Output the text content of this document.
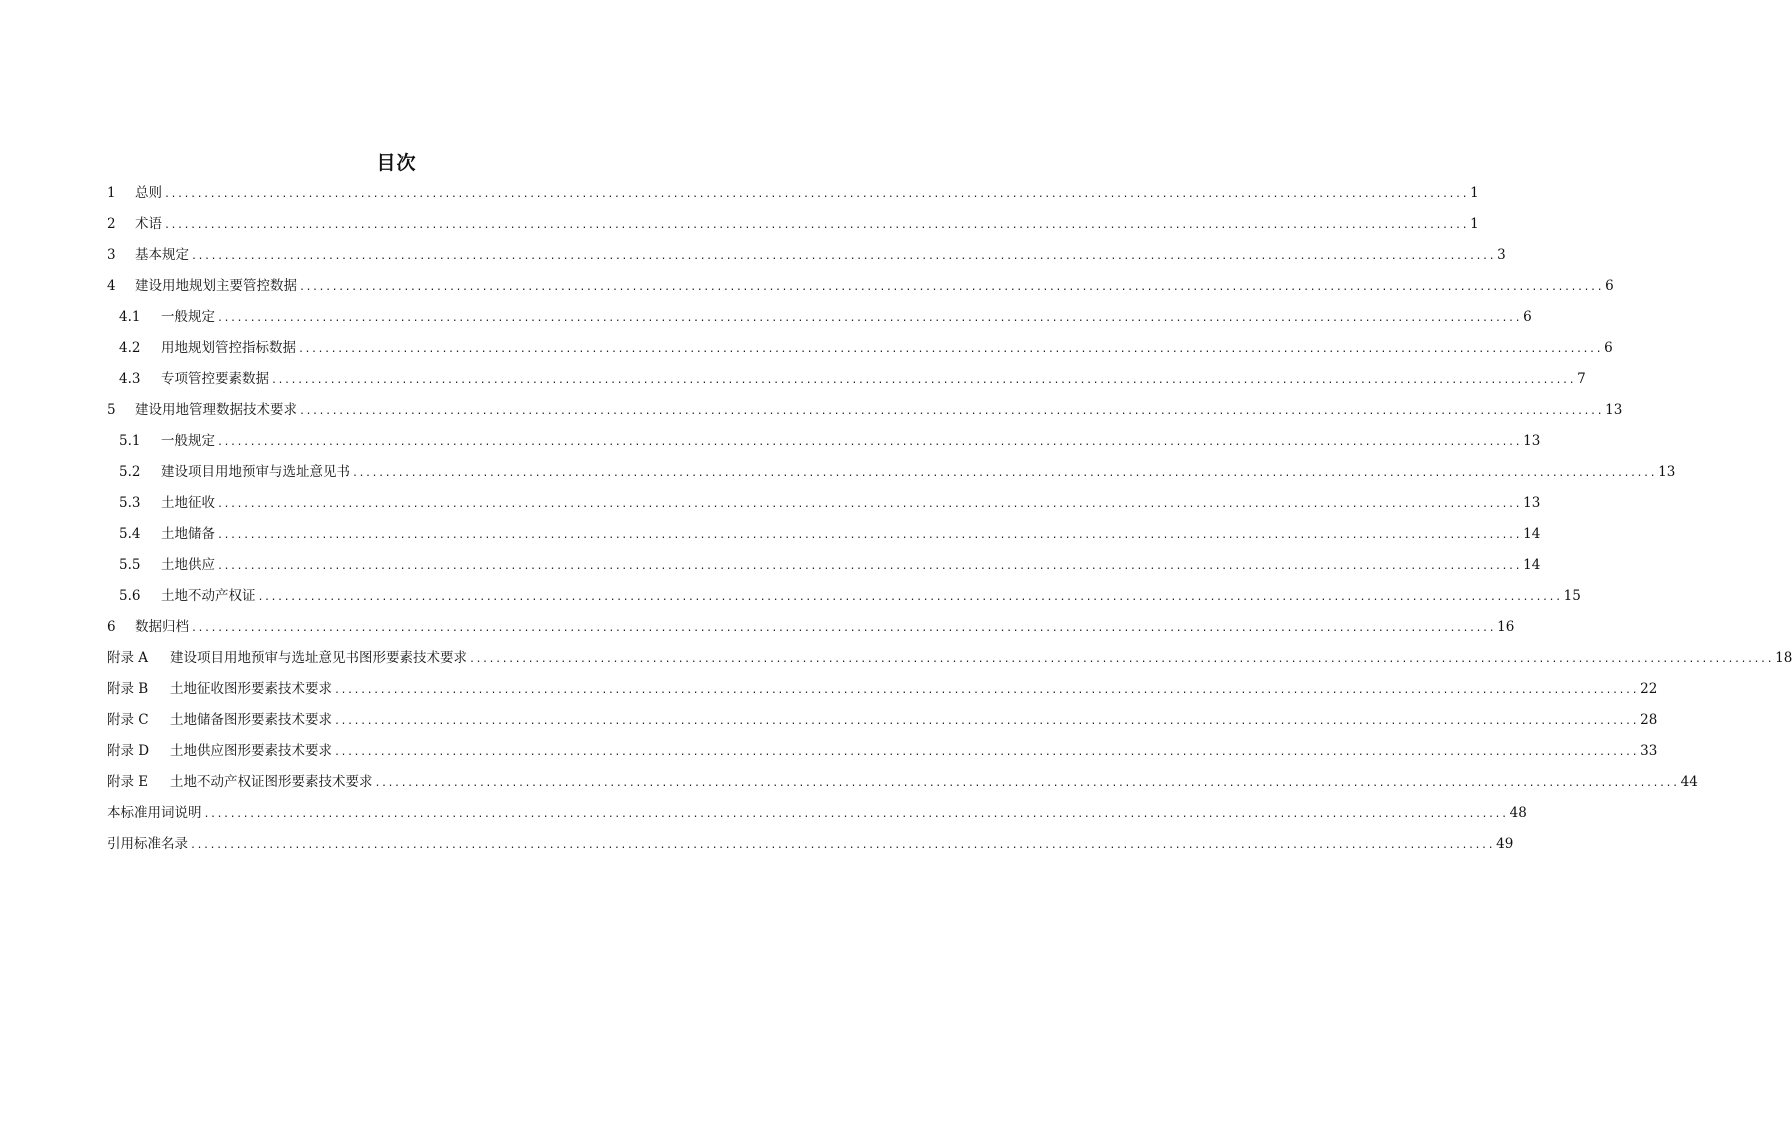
目次
1	总则 ........................................................................................................................................................................................................ 1
2	术语 ........................................................................................................................................................................................................ 1
3	基本规定 ........................................................................................................................................................................................................ 3
4	建设用地规划主要管控数据 ........................................................................................................................................................................................................ 6
4.1	一般规定 ........................................................................................................................................................................................................ 6
4.2	用地规划管控指标数据 ........................................................................................................................................................................................................ 6
4.3	专项管控要素数据 ........................................................................................................................................................................................................ 7
5	建设用地管理数据技术要求 ........................................................................................................................................................................................................ 13
5.1	一般规定 ........................................................................................................................................................................................................ 13
5.2	建设项目用地预审与选址意见书 ........................................................................................................................................................................................................ 13
5.3	土地征收 ........................................................................................................................................................................................................ 13
5.4	土地储备 ........................................................................................................................................................................................................ 14
5.5	土地供应 ........................................................................................................................................................................................................ 14
5.6	土地不动产权证 ........................................................................................................................................................................................................ 15
6	数据归档 ........................................................................................................................................................................................................ 16
附录 A	建设项目用地预审与选址意见书图形要素技术要求 ........................................................................................................................................................................................................ 18
附录 B	土地征收图形要素技术要求 ........................................................................................................................................................................................................ 22
附录 C	土地储备图形要素技术要求 ........................................................................................................................................................................................................ 28
附录 D	土地供应图形要素技术要求 ........................................................................................................................................................................................................ 33
附录 E	土地不动产权证图形要素技术要求 ........................................................................................................................................................................................................ 44
本标准用词说明 ........................................................................................................................................................................................................ 48
引用标准名录 ........................................................................................................................................................................................................ 49
